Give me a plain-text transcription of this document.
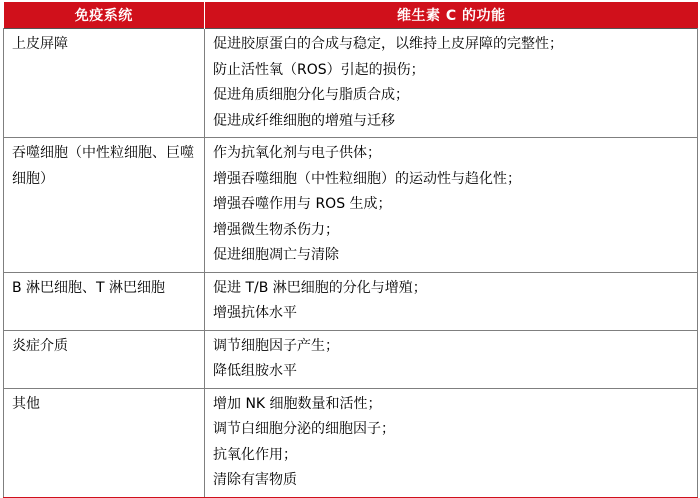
免疫系统	维生素 C 的功能

上皮屏障	促进胶原蛋白的合成与稳定，以维持上皮屏障的完整性；
防止活性氧（ROS）引起的损伤；
促进角质细胞分化与脂质合成；
促进成纤维细胞的增殖与迁移

吞噬细胞（中性粒细胞、巨噬
细胞）	作为抗氧化剂与电子供体；
增强吞噬细胞（中性粒细胞）的运动性与趋化性；
增强吞噬作用与 ROS 生成；
增强微生物杀伤力；
促进细胞凋亡与清除

B 淋巴细胞、T 淋巴细胞	促进 T/B 淋巴细胞的分化与增殖；
增强抗体水平

炎症介质	调节细胞因子产生；
降低组胺水平

其他	增加 NK 细胞数量和活性；
调节白细胞分泌的细胞因子；
抗氧化作用；
清除有害物质
